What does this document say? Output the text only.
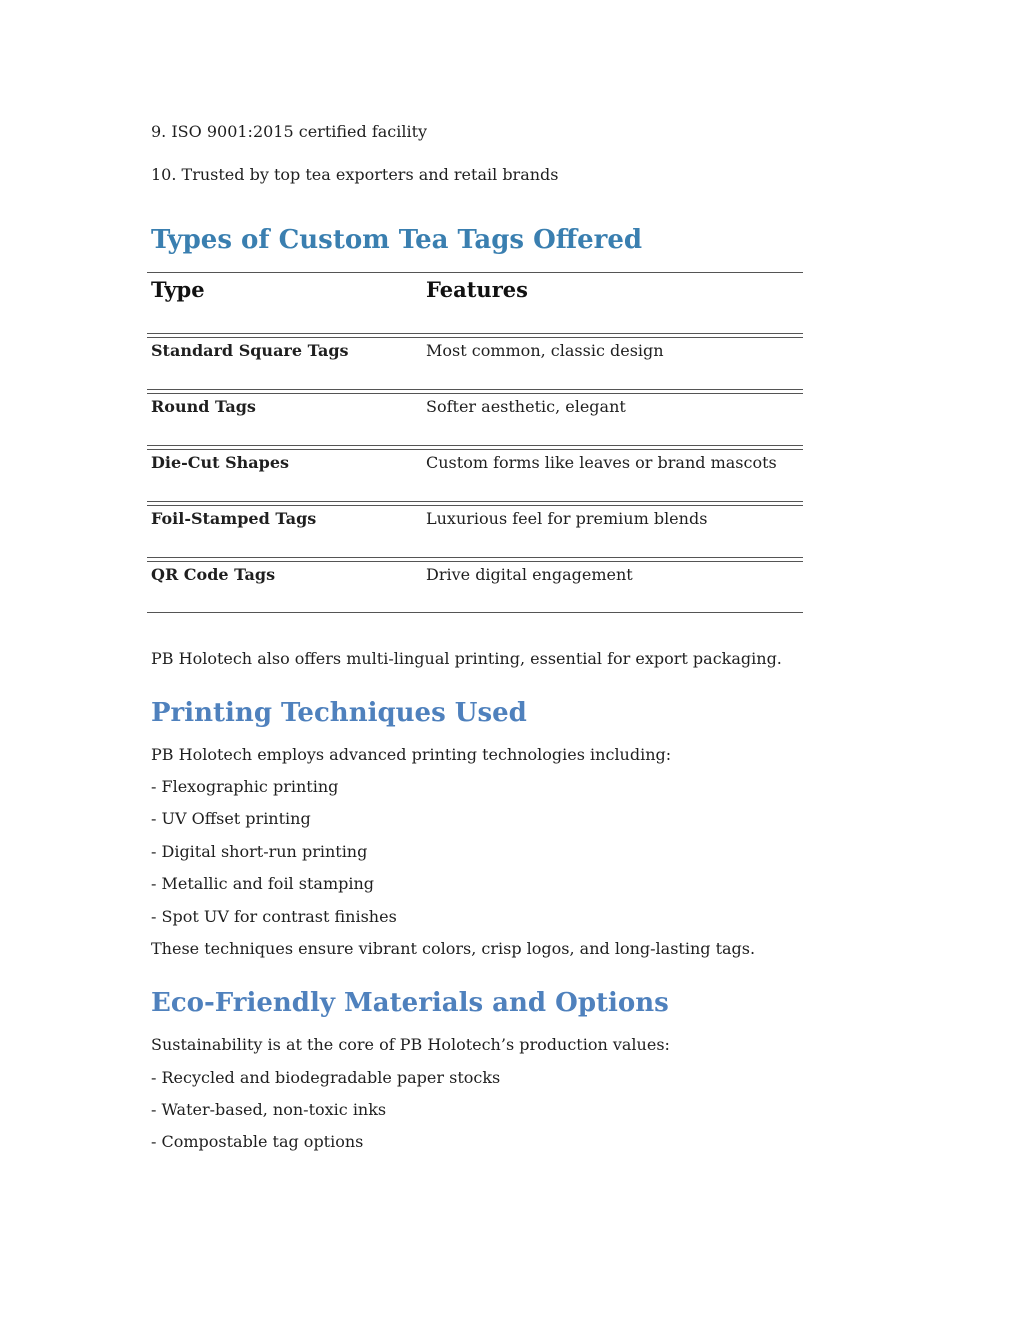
9. ISO 9001:2015 certified facility
10. Trusted by top tea exporters and retail brands
Types of Custom Tea Tags Offered
Type	Features
Standard Square Tags	Most common, classic design
Round Tags	Softer aesthetic, elegant
Die-Cut Shapes	Custom forms like leaves or brand mascots
Foil-Stamped Tags	Luxurious feel for premium blends
QR Code Tags	Drive digital engagement
PB Holotech also offers multi-lingual printing, essential for export packaging.
Printing Techniques Used
PB Holotech employs advanced printing technologies including:
- Flexographic printing
- UV Offset printing
- Digital short-run printing
- Metallic and foil stamping
- Spot UV for contrast finishes
These techniques ensure vibrant colors, crisp logos, and long-lasting tags.
Eco-Friendly Materials and Options
Sustainability is at the core of PB Holotech’s production values:
- Recycled and biodegradable paper stocks
- Water-based, non-toxic inks
- Compostable tag options
